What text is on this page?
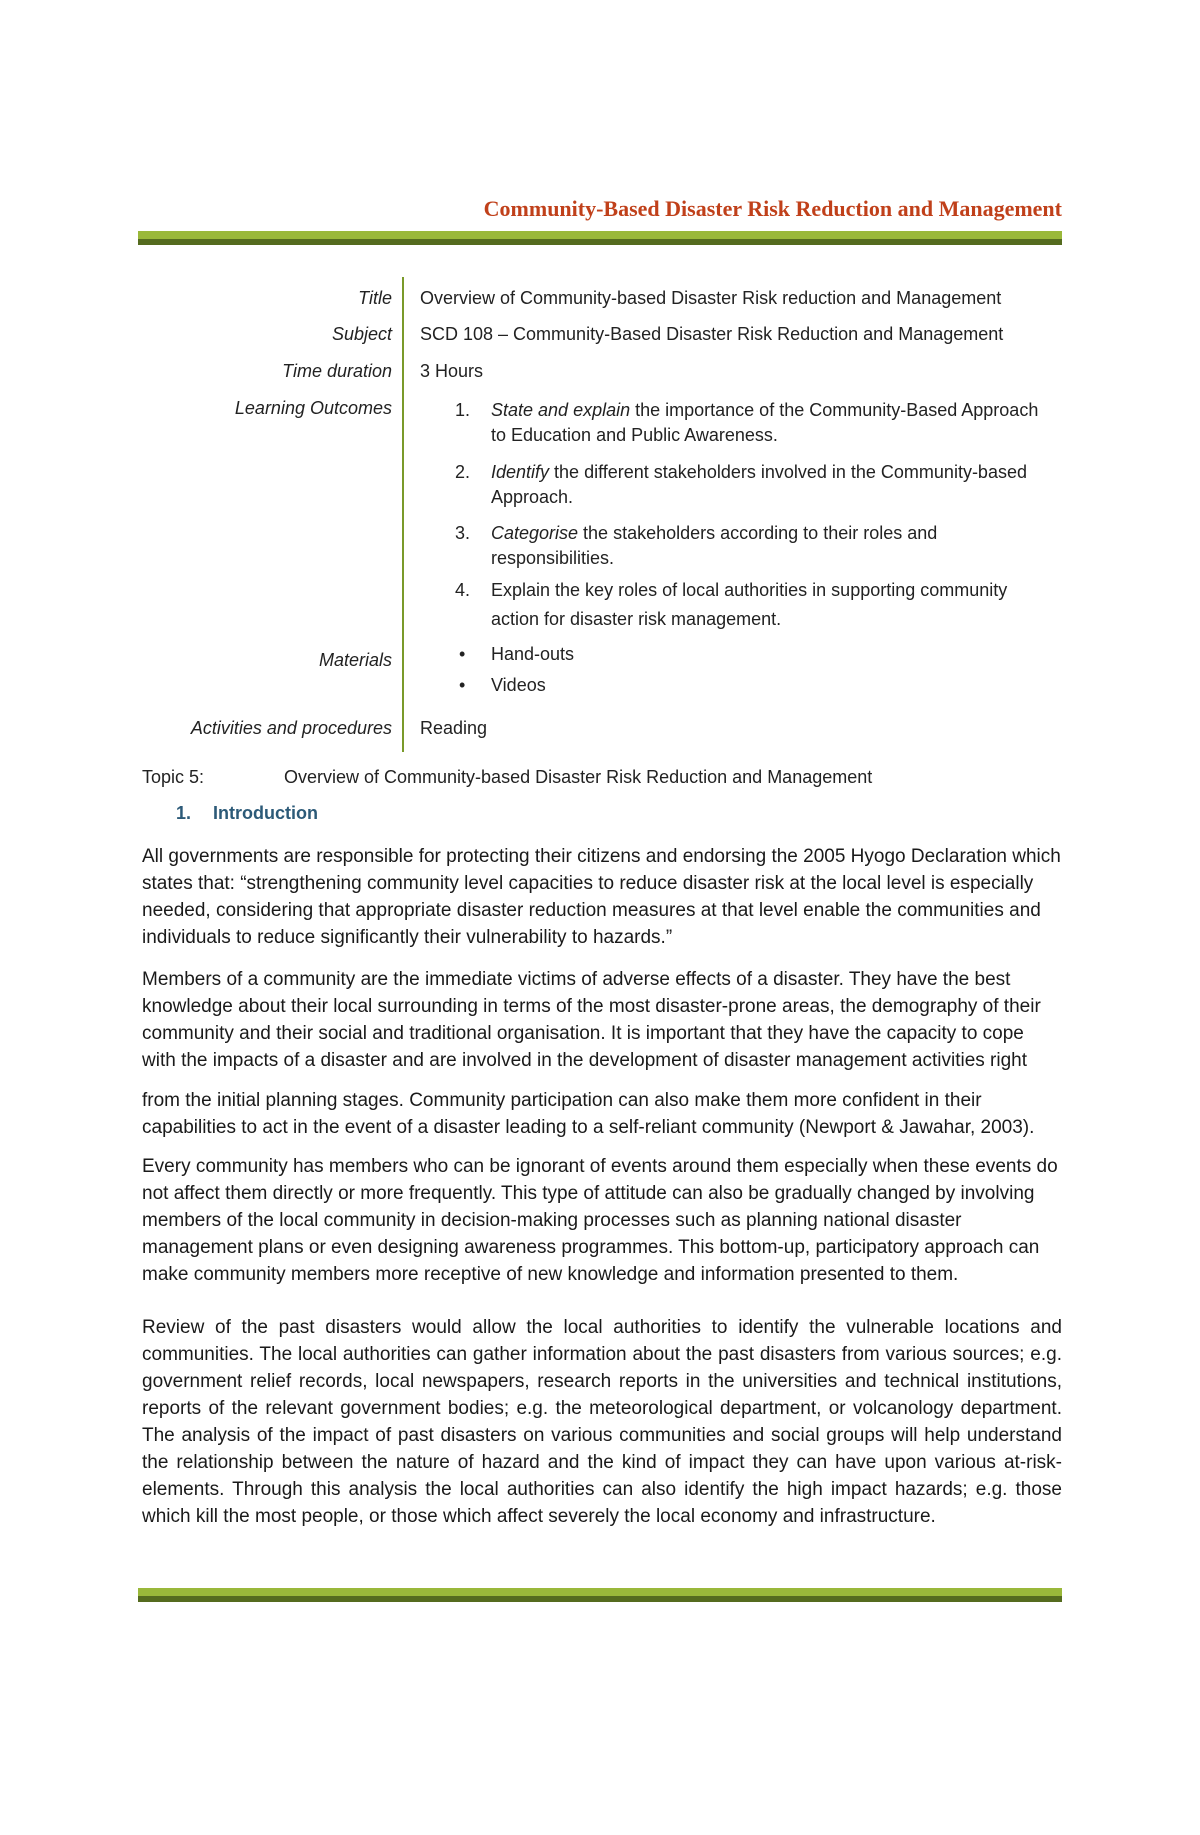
Community-Based Disaster Risk Reduction and Management
Title Overview of Community-based Disaster Risk reduction and Management
Subject SCD 108 – Community-Based Disaster Risk Reduction and Management
Time duration 3 Hours
Learning Outcomes	1. State and explain the importance of the Community-Based Approach to Education and Public Awareness.
2. Identify the different stakeholders involved in the Community-based Approach.
3. Categorise the stakeholders according to their roles and responsibilities.
4. Explain the key roles of local authorities in supporting community action for disaster risk management.
Materials	• Hand-outs
• Videos
Activities and procedures Reading
Topic 5:	Overview of Community-based Disaster Risk Reduction and Management
1. Introduction

All governments are responsible for protecting their citizens and endorsing the 2005 Hyogo Declaration which states that: “strengthening community level capacities to reduce disaster risk at the local level is especially needed, considering that appropriate disaster reduction measures at that level enable the communities and individuals to reduce significantly their vulnerability to hazards.”

Members of a community are the immediate victims of adverse effects of a disaster. They have the best knowledge about their local surrounding in terms of the most disaster-prone areas, the demography of their community and their social and traditional organisation. It is important that they have the capacity to cope with the impacts of a disaster and are involved in the development of disaster management activities right

from the initial planning stages. Community participation can also make them more confident in their capabilities to act in the event of a disaster leading to a self-reliant community (Newport & Jawahar, 2003).

Every community has members who can be ignorant of events around them especially when these events do not affect them directly or more frequently. This type of attitude can also be gradually changed by involving members of the local community in decision-making processes such as planning national disaster management plans or even designing awareness programmes. This bottom-up, participatory approach can make community members more receptive of new knowledge and information presented to them.

Review of the past disasters would allow the local authorities to identify the vulnerable locations and communities. The local authorities can gather information about the past disasters from various sources; e.g. government relief records, local newspapers, research reports in the universities and technical institutions, reports of the relevant government bodies; e.g. the meteorological department, or volcanology department. The analysis of the impact of past disasters on various communities and social groups will help understand the relationship between the nature of hazard and the kind of impact they can have upon various at-risk-elements. Through this analysis the local authorities can also identify the high impact hazards; e.g. those which kill the most people, or those which affect severely the local economy and infrastructure.
